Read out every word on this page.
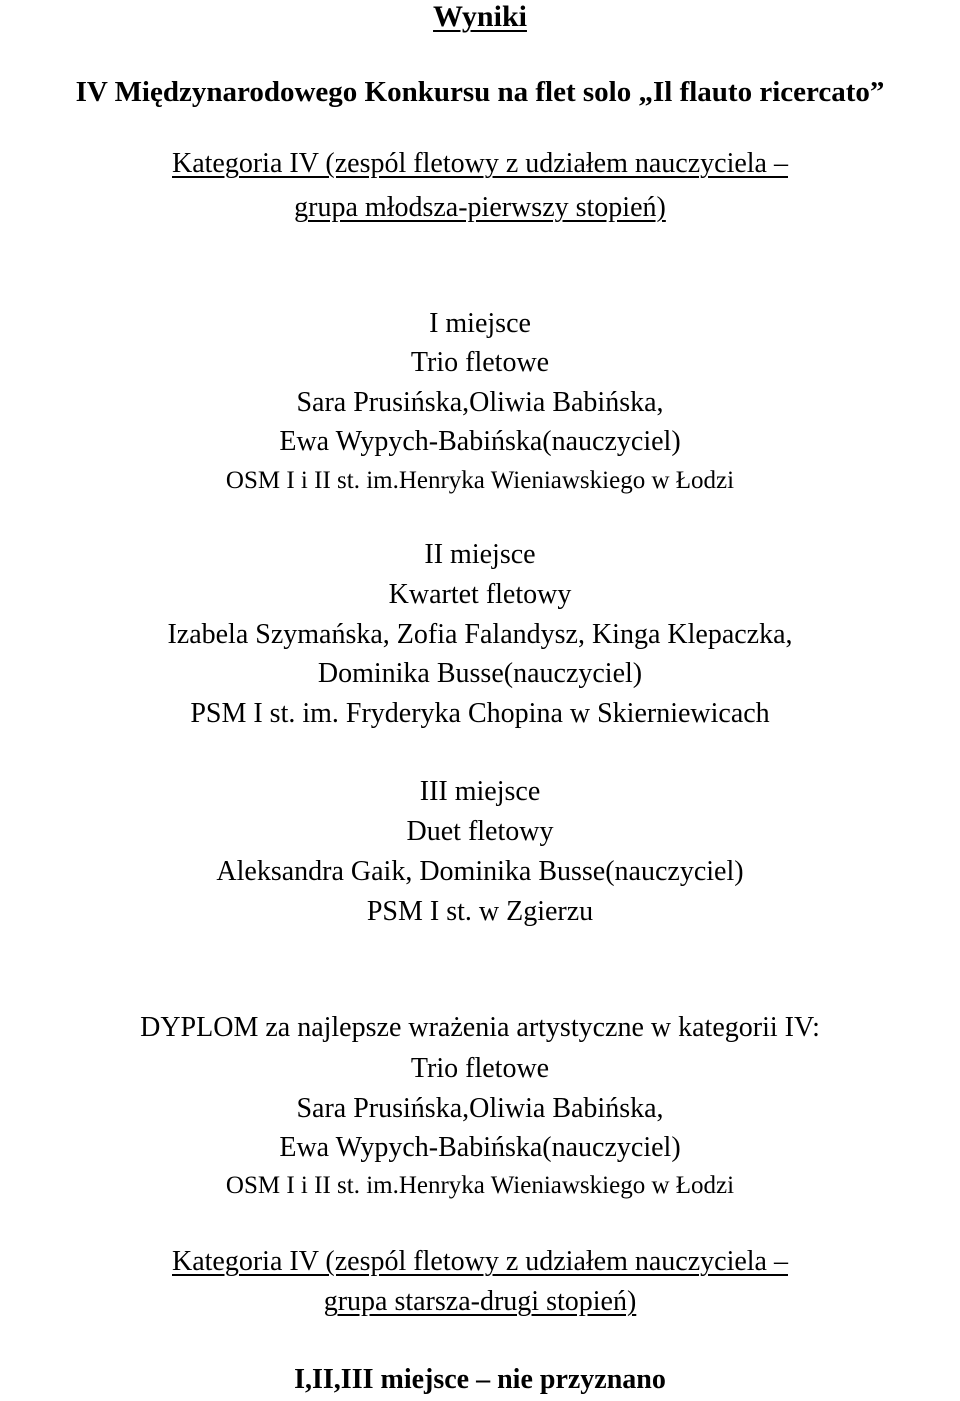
Wyniki
IV Międzynarodowego Konkursu na flet solo „Il flauto ricercato”
Kategoria IV (zespól fletowy z udziałem nauczyciela –
grupa młodsza-pierwszy stopień)
I miejsce
Trio fletowe
Sara Prusińska,Oliwia Babińska,
Ewa Wypych-Babińska(nauczyciel)
OSM I i II st. im.Henryka Wieniawskiego w Łodzi
II miejsce
Kwartet fletowy
Izabela Szymańska, Zofia Falandysz, Kinga Klepaczka,
Dominika Busse(nauczyciel)
PSM I st. im. Fryderyka Chopina w Skierniewicach
III miejsce
Duet fletowy
Aleksandra Gaik, Dominika Busse(nauczyciel)
PSM I st. w Zgierzu
DYPLOM za najlepsze wrażenia artystyczne w kategorii IV:
Trio fletowe
Sara Prusińska,Oliwia Babińska,
Ewa Wypych-Babińska(nauczyciel)
OSM I i II st. im.Henryka Wieniawskiego w Łodzi
Kategoria IV (zespól fletowy z udziałem nauczyciela –
grupa starsza-drugi stopień)
I,II,III miejsce – nie przyznano
